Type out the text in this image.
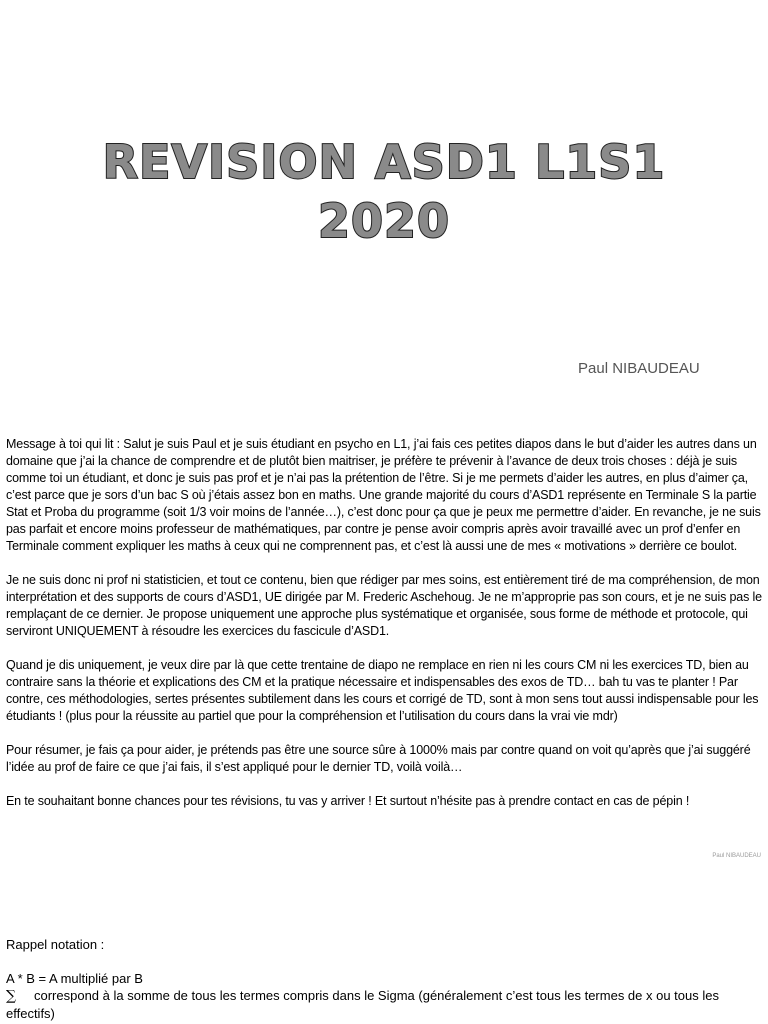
REVISION ASD1 L1S1
2020
Paul NIBAUDEAU

Message à toi qui lit : Salut je suis Paul et je suis étudiant en psycho en L1, j’ai fais ces petites diapos dans le but d’aider les autres dans un domaine que j’ai la chance de comprendre et de plutôt bien maitriser, je préfère te prévenir à l’avance de deux trois choses : déjà je suis comme toi un étudiant, et donc je suis pas prof et je n’ai pas la prétention de l’être. Si je me permets d’aider les autres, en plus d’aimer ça, c’est parce que je sors d’un bac S où j’étais assez bon en maths. Une grande majorité du cours d’ASD1 représente en Terminale S la partie Stat et Proba du programme (soit 1/3 voir moins de l’année…), c’est donc pour ça que je peux me permettre d’aider. En revanche, je ne suis pas parfait et encore moins professeur de mathématiques, par contre je pense avoir compris après avoir travaillé avec un prof d’enfer en Terminale comment expliquer les maths à ceux qui ne comprennent pas, et c’est là aussi une de mes « motivations » derrière ce boulot.

Je ne suis donc ni prof ni statisticien, et tout ce contenu, bien que rédiger par mes soins, est entièrement tiré de ma compréhension, de mon interprétation et des supports de cours d’ASD1, UE dirigée par M. Frederic Aschehoug. Je ne m’approprie pas son cours, et je ne suis pas le remplaçant de ce dernier. Je propose uniquement une approche plus systématique et organisée, sous forme de méthode et protocole, qui serviront UNIQUEMENT à résoudre les exercices du fascicule d’ASD1.

Quand je dis uniquement, je veux dire par là que cette trentaine de diapo ne remplace en rien ni les cours CM ni les exercices TD, bien au contraire sans la théorie et explications des CM et la pratique nécessaire et indispensables des exos de TD… bah tu vas te planter ! Par contre, ces méthodologies, sertes présentes subtilement dans les cours et corrigé de TD, sont à mon sens tout aussi indispensable pour les étudiants ! (plus pour la réussite au partiel que pour la compréhension et l’utilisation du cours dans la vrai vie mdr)

Pour résumer, je fais ça pour aider, je prétends pas être une source sûre à 1000% mais par contre quand on voit qu’après que j’ai suggéré l’idée au prof de faire ce que j’ai fais, il s’est appliqué pour le dernier TD, voilà voilà…

En te souhaitant bonne chances pour tes révisions, tu vas y arriver ! Et surtout n’hésite pas à prendre contact en cas de pépin !

Paul NIBAUDEAU

Rappel notation :

A * B = A multiplié par B

∑ correspond à la somme de tous les termes compris dans le Sigma (généralement c’est tous les termes de x ou tous les effectifs)
